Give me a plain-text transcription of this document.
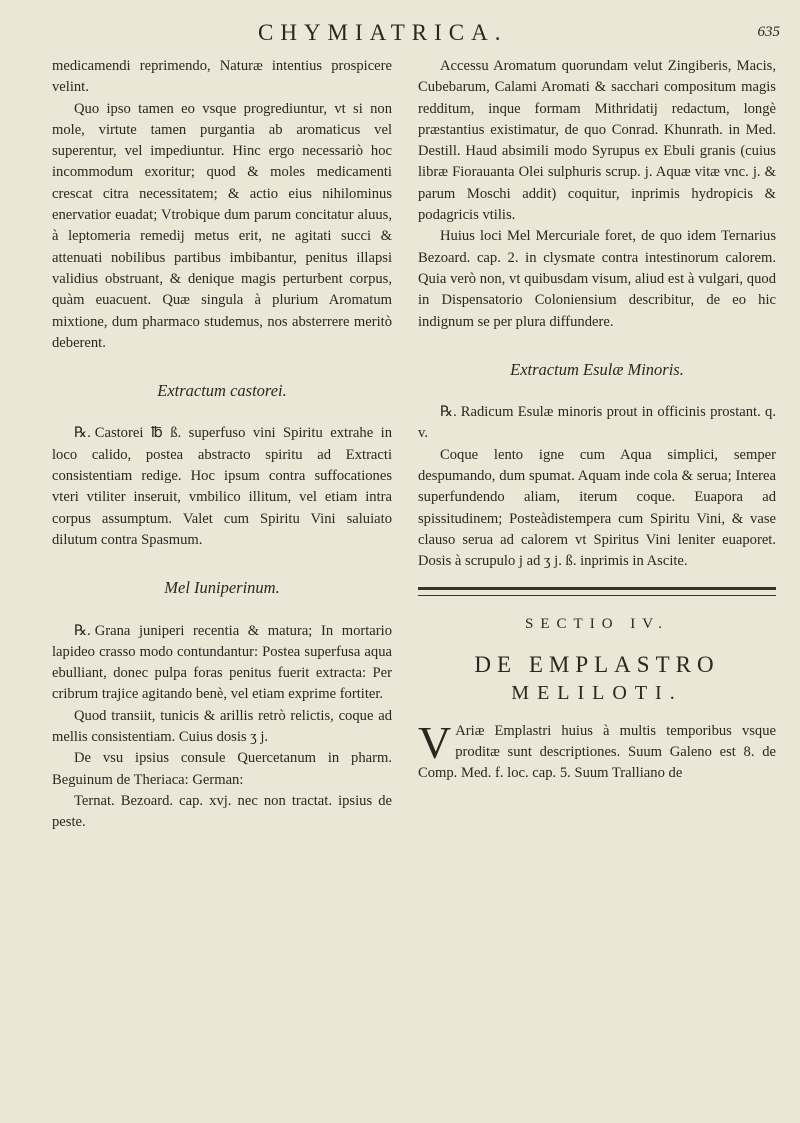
CHYMIATRICA.	635

medicamendi reprimendo, Naturæ intentius prospicere velint.

Quo ipso tamen eo vsque progrediuntur, vt si non mole, virtute tamen purgantia ab aromaticus vel superentur, vel impediuntur. Hinc ergo necessariò hoc incommodum exoritur; quod & moles medicamenti crescat citra necessitatem; & actio eius nihilominus enervatior euadat; Vtrobique dum parum concitatur aluus, à leptomeria remedij metus erit, ne agitati succi & attenuati nobilibus partibus imbibantur, penitus illapsi validius obstruant, & denique magis perturbent corpus, quàm euacuent. Quæ singula à plurium Aromatum mixtione, dum pharmaco studemus, nos absterrere meritò deberent.

Extractum castorei.

℞. Castorei ℔ ß. superfuso vini Spiritu extrahe in loco calido, postea abstracto spiritu ad Extracti consistentiam redige. Hoc ipsum contra suffocationes vteri vtiliter inseruit, vmbilico illitum, vel etiam intra corpus assumptum. Valet cum Spiritu Vini saluiato dilutum contra Spasmum.

Mel Iuniperinum.

℞. Grana juniperi recentia & matura; In mortario lapideo crasso modo contundantur: Postea superfusa aqua ebulliant, donec pulpa foras penitus fuerit extracta: Per cribrum trajice agitando benè, vel etiam exprime fortiter.

Quod transiit, tunicis & arillis retrò relictis, coque ad mellis consistentiam. Cuius dosis ʒ j.

De vsu ipsius consule Quercetanum in pharm. Beguinum de Theriaca: German:

Ternat. Bezoard. cap. xvj. nec non tractat. ipsius de peste.

Accessu Aromatum quorundam velut Zingiberis, Macis, Cubebarum, Calami Aromati & sacchari compositum magis redditum, inque formam Mithridatij redactum, longè præstantius existimatur, de quo Conrad. Khunrath. in Med. Destill. Haud absimili modo Syrupus ex Ebuli granis (cuius libræ Fiorauanta Olei sulphuris scrup. j. Aquæ vitæ vnc. j. & parum Moschi addit) coquitur, inprimis hydropicis & podagricis vtilis.

Huius loci Mel Mercuriale foret, de quo idem Ternarius Bezoard. cap. 2. in clysmate contra intestinorum calorem. Quia verò non, vt quibusdam visum, aliud est à vulgari, quod in Dispensatorio Coloniensium describitur, de eo hic indignum se per plura diffundere.

Extractum Esulæ Minoris.

℞. Radicum Esulæ minoris prout in officinis prostant. q. v.

Coque lento igne cum Aqua simplici, semper despumando, dum spumat. Aquam inde cola & serua; Interea superfundendo aliam, iterum coque. Euapora ad spissitudinem; Posteàdistempera cum Spiritu Vini, & vase clauso serua ad calorem vt Spiritus Vini leniter euaporet. Dosis à scrupulo j ad ʒ j. ß. inprimis in Ascite.

SECTIO IV.
DE EMPLASTRO
MELILOTI.

V Ariæ Emplastri huius à multis temporibus vsque proditæ sunt descriptiones. Suum Galeno est 8. de Comp. Med. f. loc. cap. 5. Suum Tralliano de
